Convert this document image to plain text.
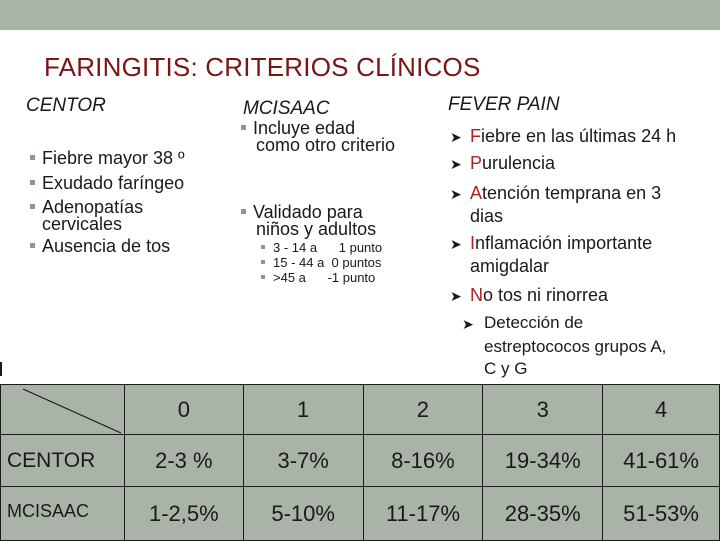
FARINGITIS: CRITERIOS CLÍNICOS
CENTOR
Fiebre mayor 38 º
Exudado faríngeo
Adenopatías
cervicales
Ausencia de tos
MCISAAC
Incluye edad
como otro criterio
Validado para
niños y adultos
3 - 14 a      1 punto
15 - 44 a  0 puntos
>45 a      -1 punto
FEVER PAIN
➤ Fiebre en las últimas 24 h
➤ Purulencia
➤ Atención temprana en 3
dias
➤ Inflamación importante
amigdalar
➤ No tos ni rinorrea
➤ Detección de
estreptococos grupos A,
C y G
	0	1	2	3	4
CENTOR	2-3 %	3-7%	8-16%	19-34%	41-61%
MCISAAC	1-2,5%	5-10%	11-17%	28-35%	51-53%
